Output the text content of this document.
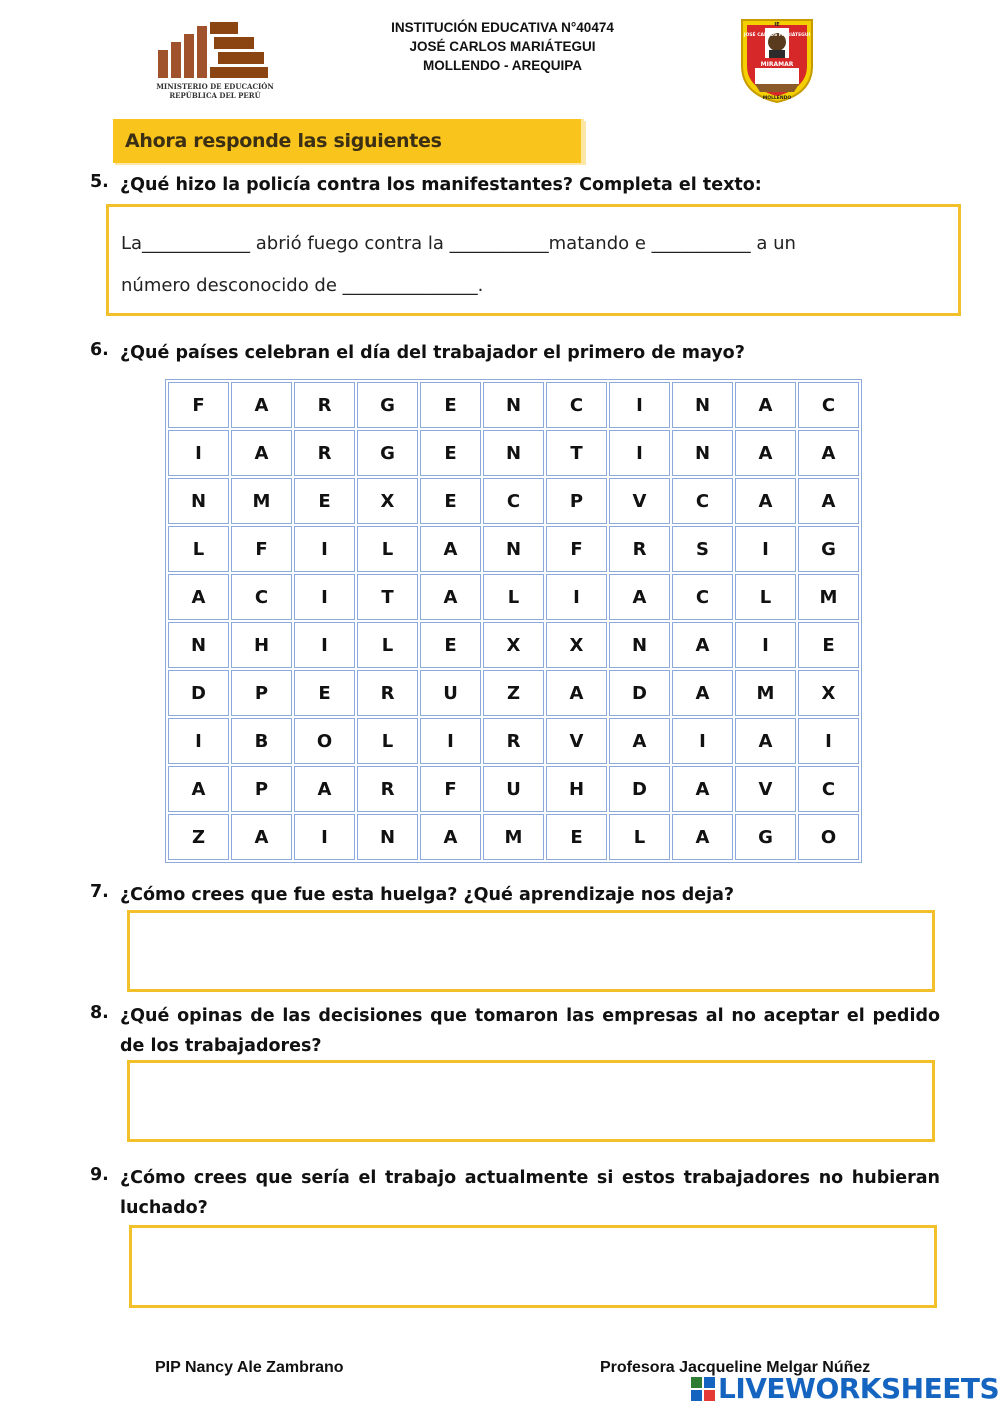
MINISTERIO DE EDUCACIÓN
REPÚBLICA DEL PERÚ
INSTITUCIÓN EDUCATIVA N°40474
JOSÉ CARLOS MARIÁTEGUI
MOLLENDO - AREQUIPA
IE
JOSÉ CARLOS MARIÁTEGUI
MIRAMAR
MOLLENDO
Ahora responde las siguientes
5. ¿Qué hizo la policía contra los manifestantes? Completa el texto:
La____________ abrió fuego contra la ___________matando e ___________ a un
número desconocido de _______________.
6. ¿Qué países celebran el día del trabajador el primero de mayo?
F	A	R	G	E	N	C	I	N	A	C
I	A	R	G	E	N	T	I	N	A	A
N	M	E	X	E	C	P	V	C	A	A
L	F	I	L	A	N	F	R	S	I	G
A	C	I	T	A	L	I	A	C	L	M
N	H	I	L	E	X	X	N	A	I	E
D	P	E	R	U	Z	A	D	A	M	X
I	B	O	L	I	R	V	A	I	A	I
A	P	A	R	F	U	H	D	A	V	C
Z	A	I	N	A	M	E	L	A	G	O
7. ¿Cómo crees que fue esta huelga? ¿Qué aprendizaje nos deja?
8. ¿Qué opinas de las decisiones que tomaron las empresas al no aceptar el pedido de los trabajadores?
9. ¿Cómo crees que sería el trabajo actualmente si estos trabajadores no hubieran luchado?
PIP Nancy Ale Zambrano	Profesora Jacqueline Melgar Núñez
LIVEWORKSHEETS
